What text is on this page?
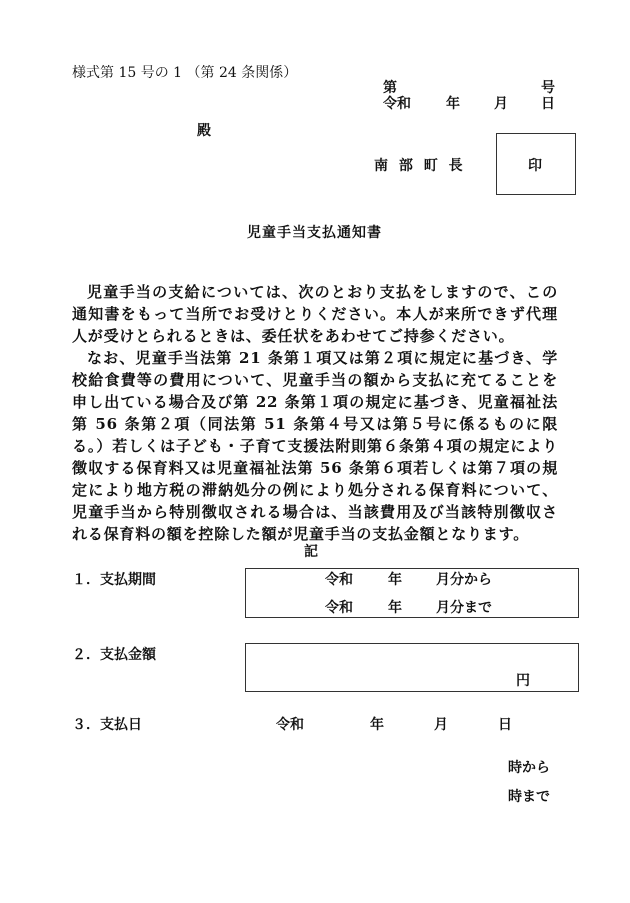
様式第 15 号の 1 （第 24 条関係）
第	号
令和	年 月 日
殿
南 部 町 長	印
児童手当支払通知書

児童手当の支給については、次のとおり支払をしますので、この通知書をもって当所でお受けとりください。本人が来所できず代理人が受けとられるときは、委任状をあわせてご持参ください。

なお、児童手当法第 21 条第１項又は第２項に規定に基づき、学校給食費等の費用について、児童手当の額から支払に充てることを申し出ている場合及び第 22 条第１項の規定に基づき、児童福祉法第 56 条第２項（同法第 51 条第４号又は第５号に係るものに限る。）若しくは子ども・子育て支援法附則第６条第４項の規定により徴収する保育料又は児童福祉法第 56 条第６項若しくは第７項の規定により地方税の滞納処分の例により処分される保育料について、児童手当から特別徴収される場合は、当該費用及び当該特別徴収される保育料の額を控除した額が児童手当の支払金額となります。

記
１．支払期間	令和	年 月分から
令和	年 月分まで
２．支払金額
円
３．支払日	令和	年	月	日
時から
時まで
